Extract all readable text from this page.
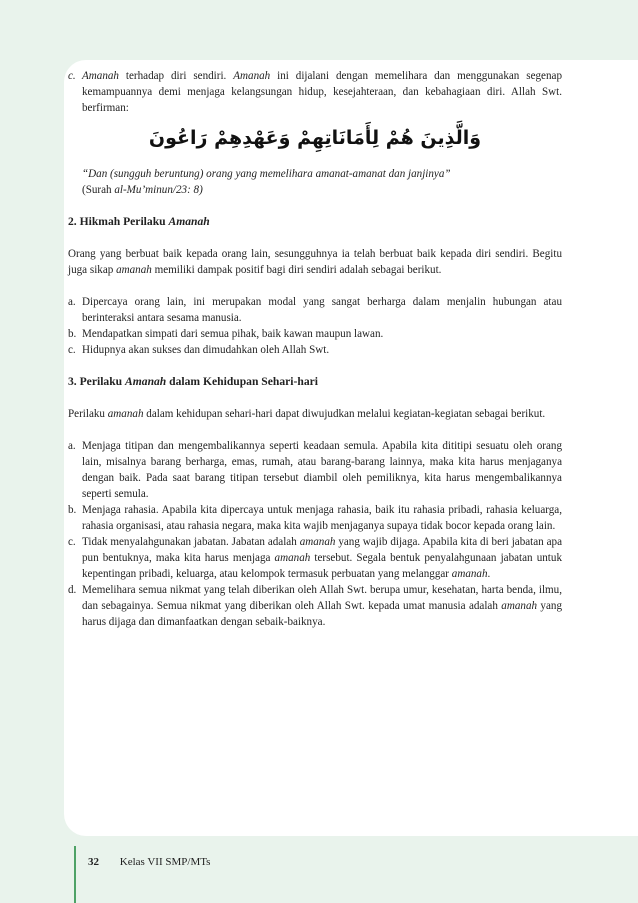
c. Amanah terhadap diri sendiri. Amanah ini dijalani dengan memelihara dan menggunakan segenap kemampuannya demi menjaga kelangsungan hidup, kesejahteraan, dan kebahagiaan diri. Allah Swt. berfirman:
وَالَّذِينَ هُمْ لِأَمَانَاتِهِمْ وَعَهْدِهِمْ رَاعُونَ

“Dan (sungguh beruntung) orang yang memelihara amanat-amanat dan janjinya”

(Surah al-Mu’minun/23: 8)

2. Hikmah Perilaku Amanah

Orang yang berbuat baik kepada orang lain, sesungguhnya ia telah berbuat baik kepada diri sendiri. Begitu juga sikap amanah memiliki dampak positif bagi diri sendiri adalah sebagai berikut.

a. Dipercaya orang lain, ini merupakan modal yang sangat berharga dalam menjalin hubungan atau berinteraksi antara sesama manusia.
b. Mendapatkan simpati dari semua pihak, baik kawan maupun lawan.
c. Hidupnya akan sukses dan dimudahkan oleh Allah Swt.

3. Perilaku Amanah dalam Kehidupan Sehari-hari

Perilaku amanah dalam kehidupan sehari-hari dapat diwujudkan melalui kegiatan-kegiatan sebagai berikut.

a. Menjaga titipan dan mengembalikannya seperti keadaan semula. Apabila kita dititipi sesuatu oleh orang lain, misalnya barang berharga, emas, rumah, atau barang-barang lainnya, maka kita harus menjaganya dengan baik. Pada saat barang titipan tersebut diambil oleh pemiliknya, kita harus mengembalikannya seperti semula.
b. Menjaga rahasia. Apabila kita dipercaya untuk menjaga rahasia, baik itu rahasia pribadi, rahasia keluarga, rahasia organisasi, atau rahasia negara, maka kita wajib menjaganya supaya tidak bocor kepada orang lain.
c. Tidak menyalahgunakan jabatan. Jabatan adalah amanah yang wajib dijaga. Apabila kita di beri jabatan apa pun bentuknya, maka kita harus menjaga amanah tersebut. Segala bentuk penyalahgunaan jabatan untuk kepentingan pribadi, keluarga, atau kelompok termasuk perbuatan yang melanggar amanah.
d. Memelihara semua nikmat yang telah diberikan oleh Allah Swt. berupa umur, kesehatan, harta benda, ilmu, dan sebagainya. Semua nikmat yang diberikan oleh Allah Swt. kepada umat manusia adalah amanah yang harus dijaga dan dimanfaatkan dengan sebaik-baiknya.
32 Kelas VII SMP/MTs
